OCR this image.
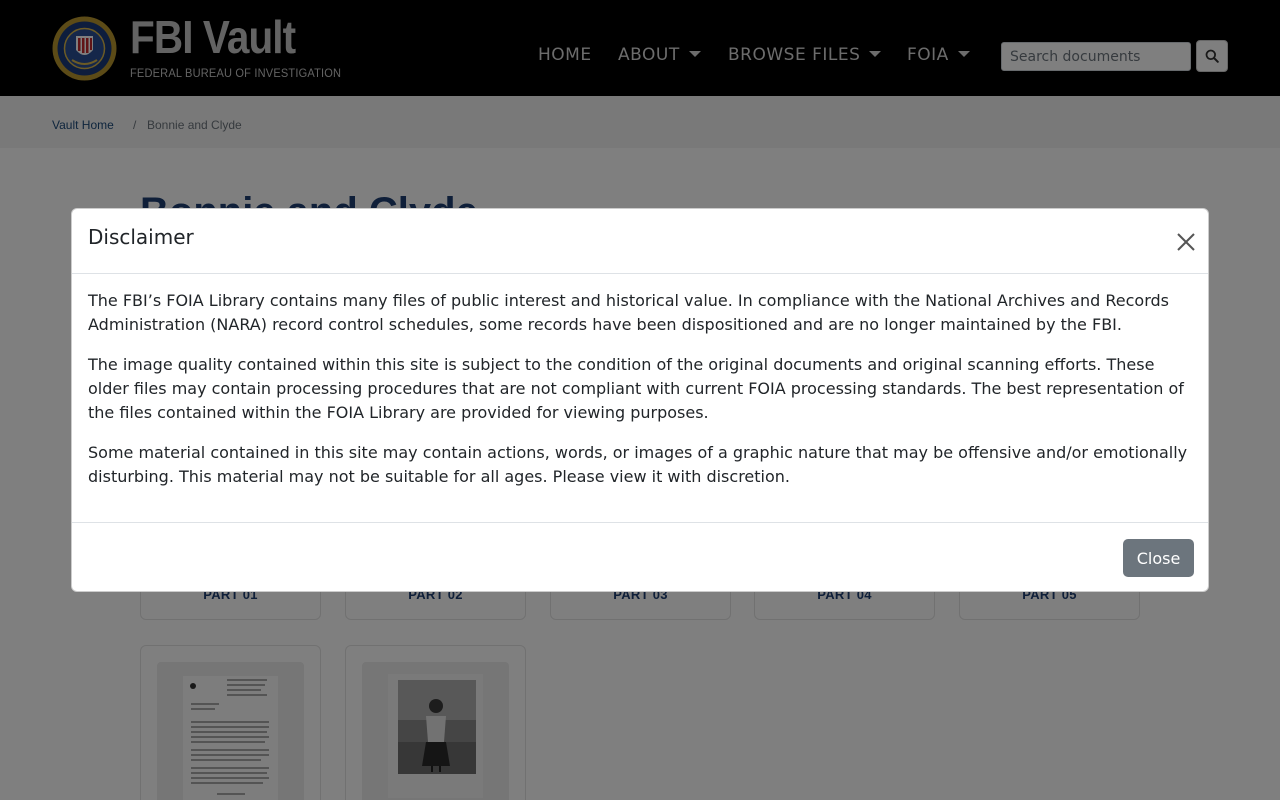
Search documents
Disclaimer

The FBI’s FOIA Library contains many files of public interest and historical value. In compliance with the National Archives and Records Administration (NARA) record control schedules, some records have been dispositioned and are no longer maintained by the FBI.

The image quality contained within this site is subject to the condition of the original documents and original scanning efforts. These older files may contain processing procedures that are not compliant with current FOIA processing standards. The best representation of the files contained within the FOIA Library are provided for viewing purposes.

Some material contained in this site may contain actions, words, or images of a graphic nature that may be offensive and/or emotionally disturbing. This material may not be suitable for all ages. Please view it with discretion.

Close
